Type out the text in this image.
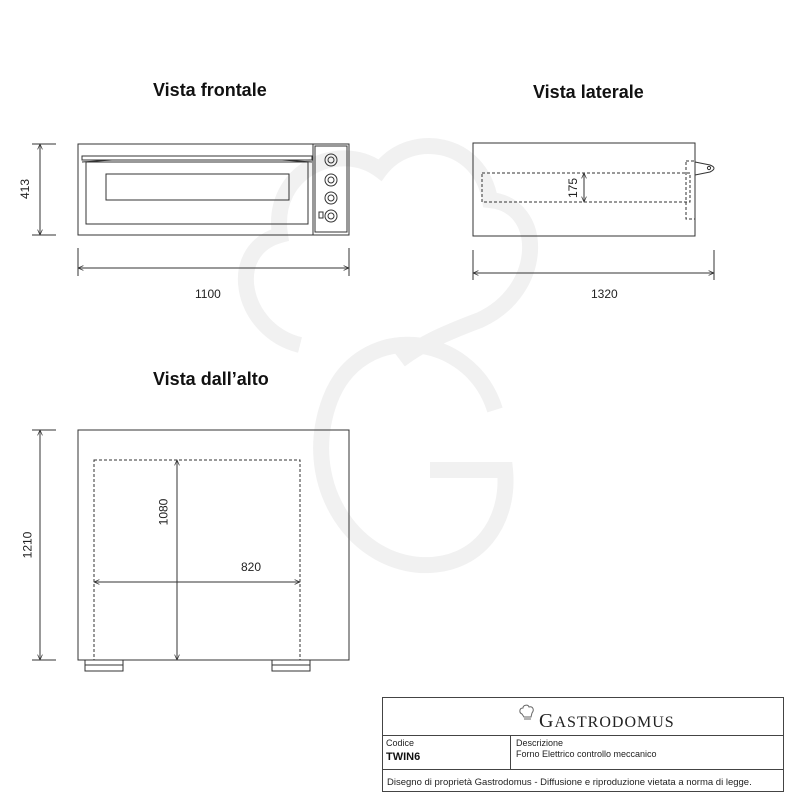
Vista frontale	Vista laterale
Vista dall’alto
1100
413
1320
175
1210
1080
820
GASTRODOMUS
Codice
TWIN6
Descrizione
Forno Elettrico controllo meccanico
Disegno di proprietà Gastrodomus - Diffusione e riproduzione vietata a norma di legge.
